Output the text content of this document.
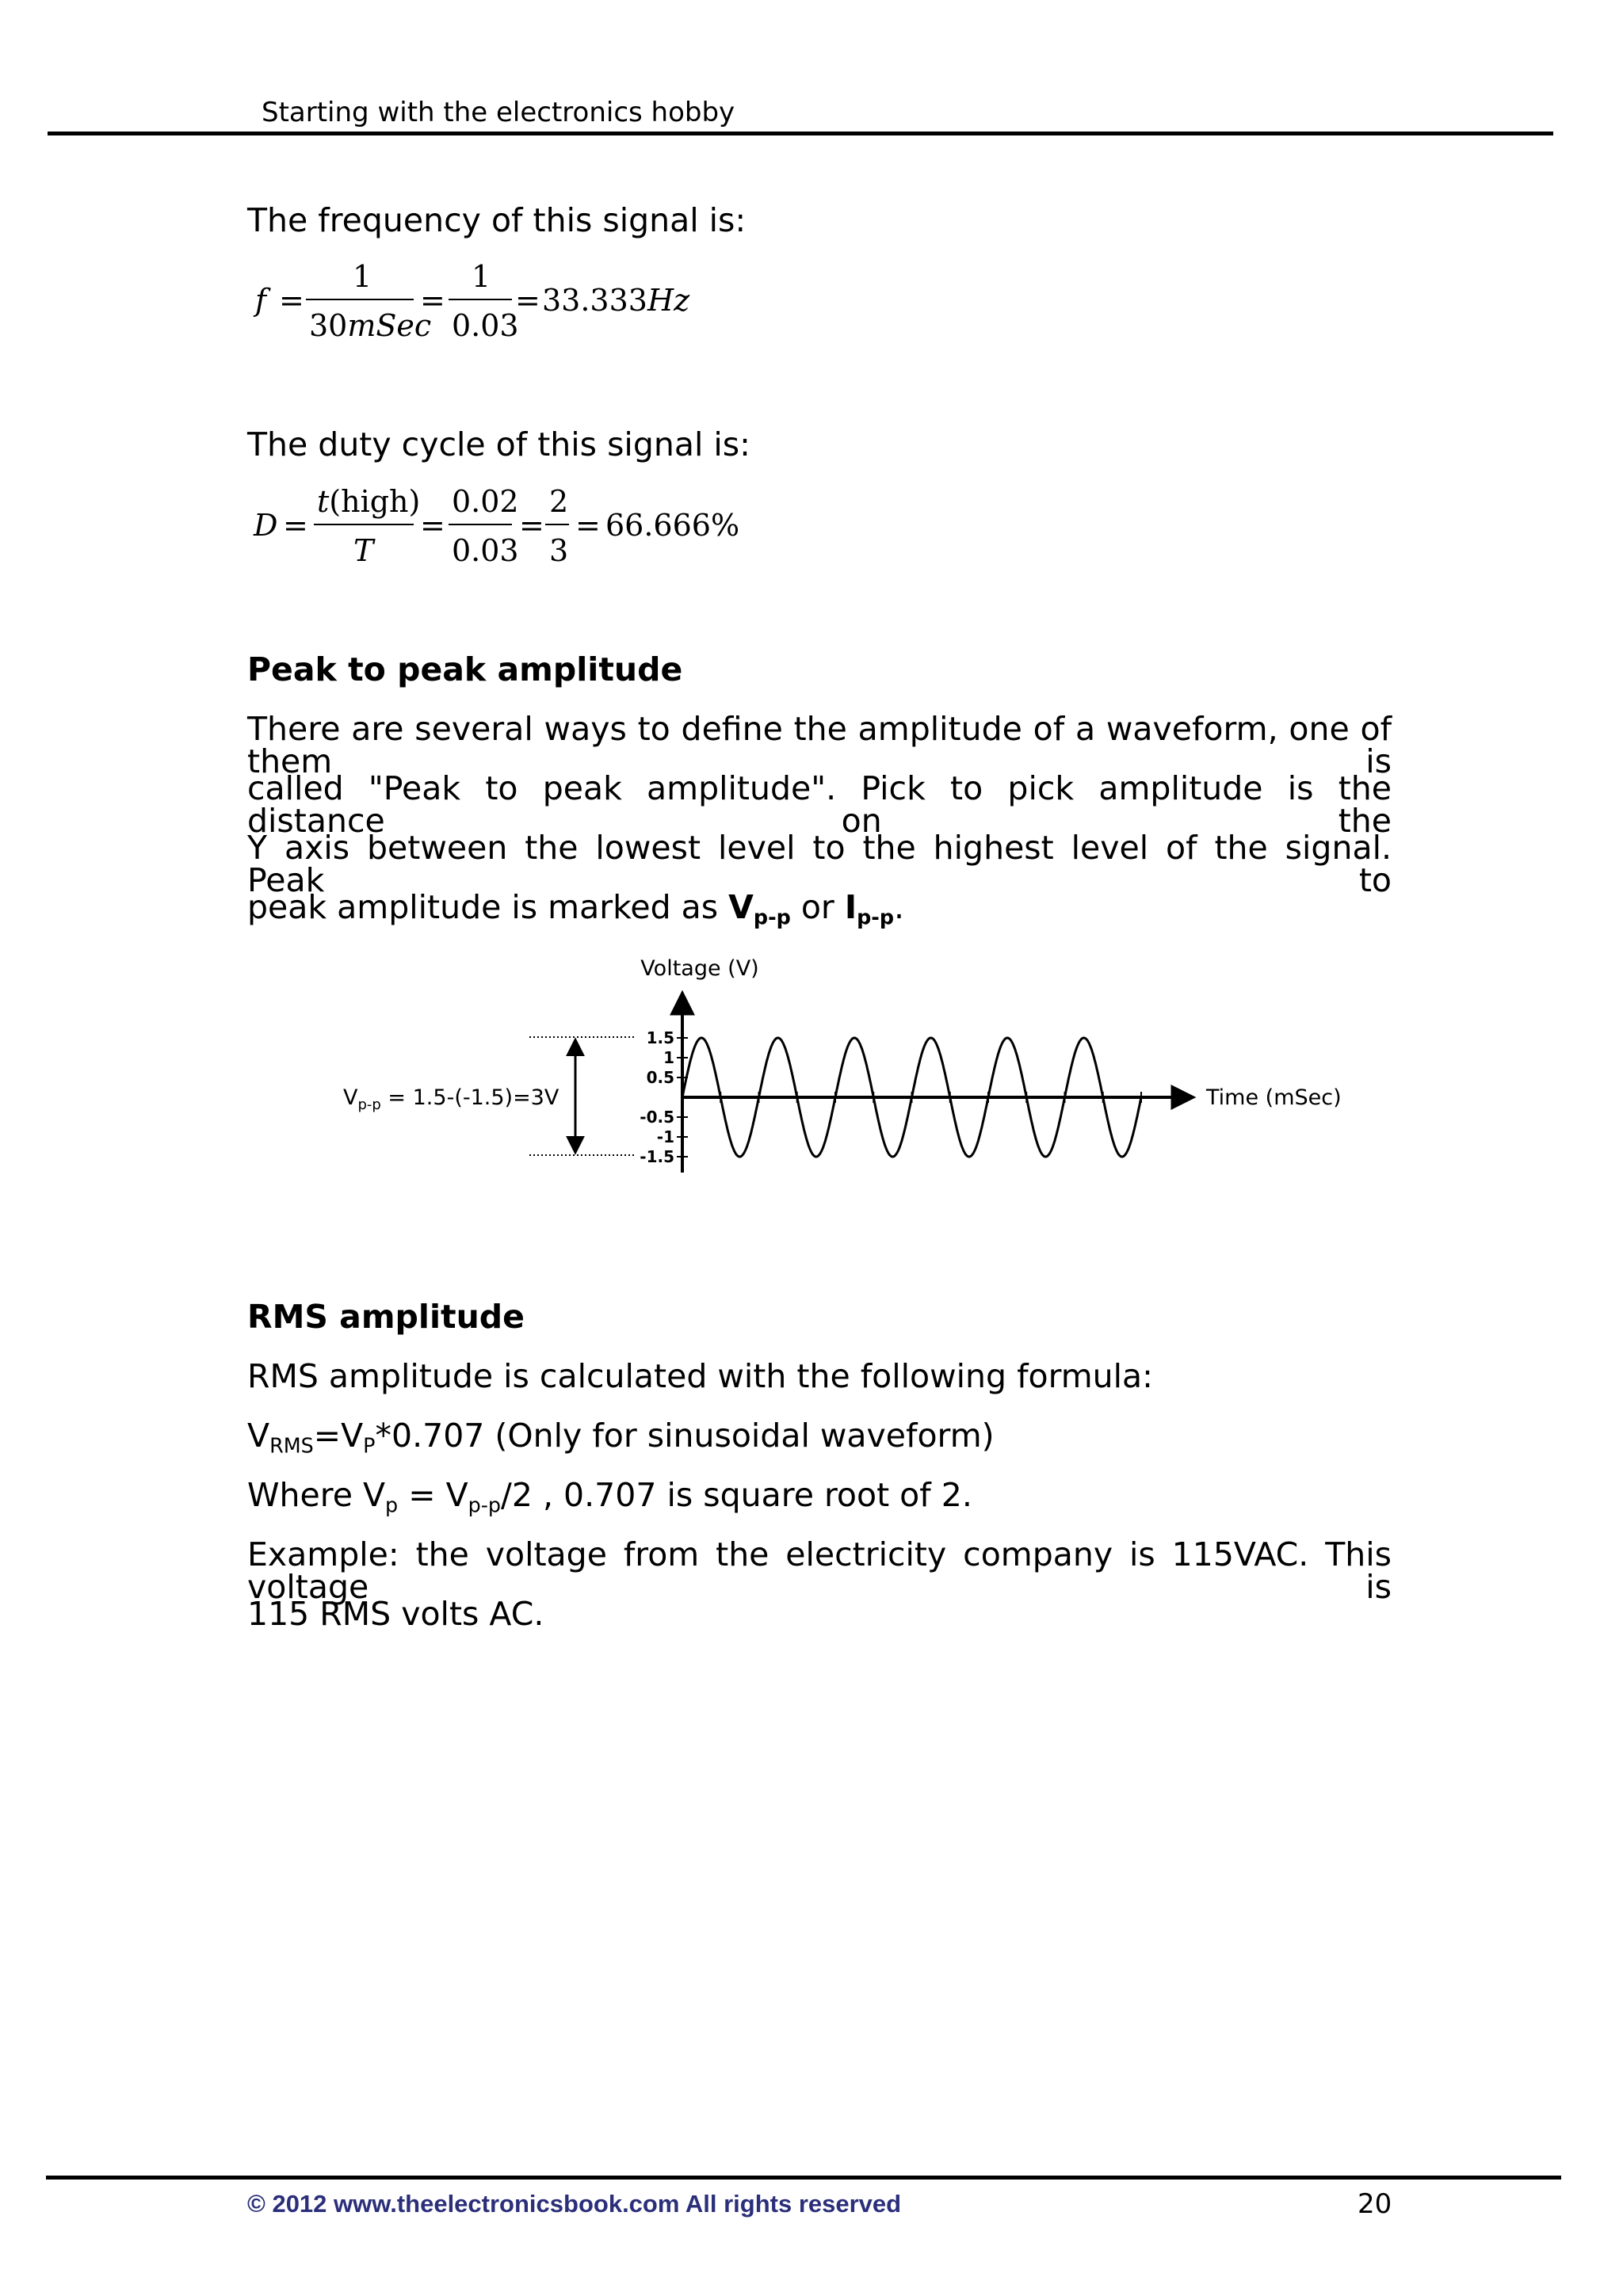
Starting with the electronics hobby
The frequency of this signal is:
f =
1
30mSec
=
1
0.03
= 33.333Hz
The duty cycle of this signal is:
D =
t(high)
T
=
0.02
0.03
=
2
3
= 66.666%
Peak to peak amplitude
There are several ways to define the amplitude of a waveform, one of them is
called "Peak to peak amplitude". Pick to pick amplitude is the distance on the
Y axis between the lowest level to the highest level of the signal. Peak to
peak amplitude is marked as $V_{p-p}$ or $I_{p-p}$.
Voltage (V)
Time (mSec)
1.5
1
0.5
-0.5
-1
-1.5
$V_{p-p} = 1.5-(-1.5)=3V$
RMS amplitude
RMS amplitude is calculated with the following formula:
$V_{RMS}=V_P*0.707$ (Only for sinusoidal waveform)
Where $V_p = V_{p-p}/2$ , 0.707 is square root of 2.
Example: the voltage from the electricity company is 115VAC. This voltage is
115 RMS volts AC.
© 2012 www.theelectronicsbook.com All rights reserved	20
